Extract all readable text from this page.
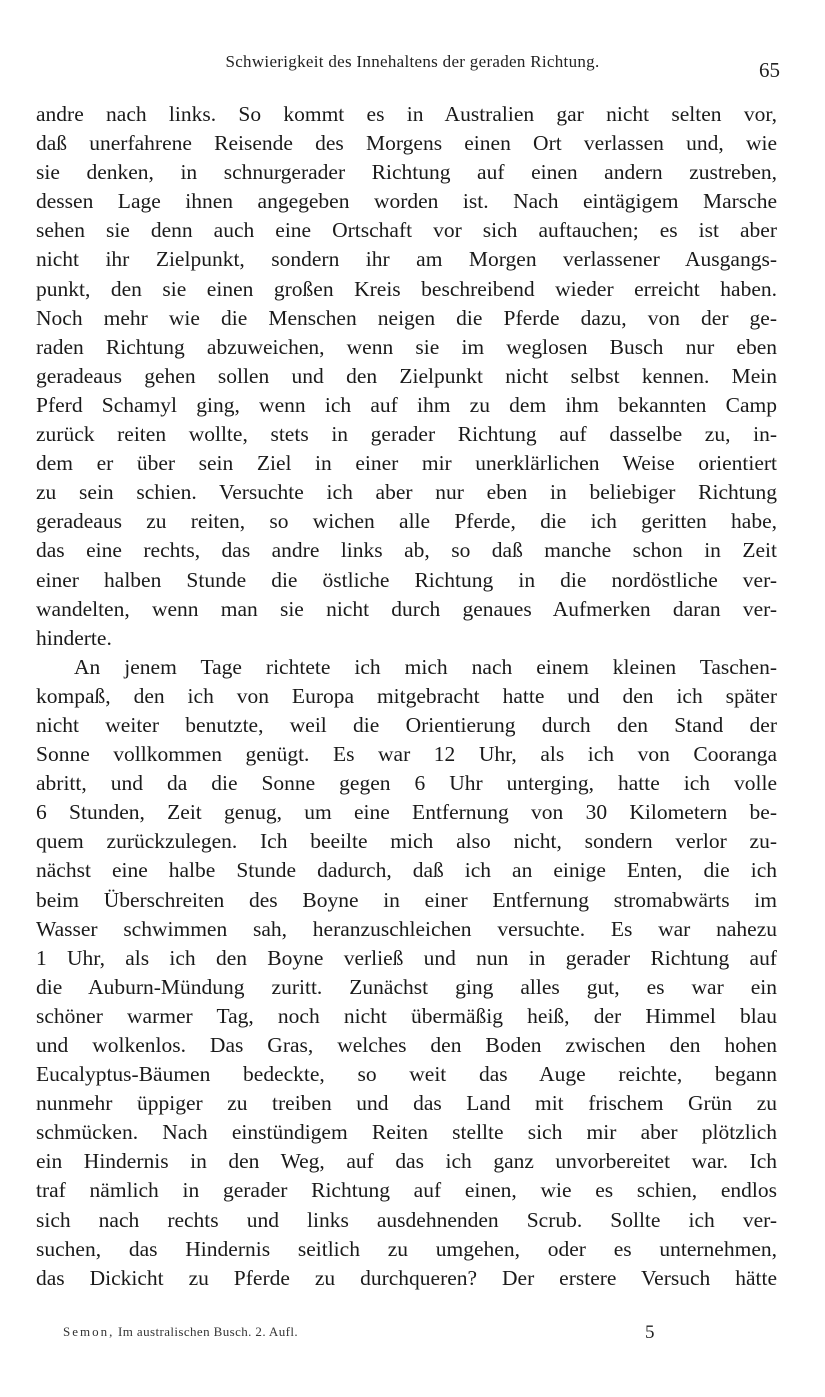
Schwierigkeit des Innehaltens der geraden Richtung.	65
andre nach links. So kommt es in Australien gar nicht selten vor,
daß unerfahrene Reisende des Morgens einen Ort verlassen und, wie
sie denken, in schnurgerader Richtung auf einen andern zustreben,
dessen Lage ihnen angegeben worden ist. Nach eintägigem Marsche
sehen sie denn auch eine Ortschaft vor sich auftauchen; es ist aber
nicht ihr Zielpunkt, sondern ihr am Morgen verlassener Ausgangs-
punkt, den sie einen großen Kreis beschreibend wieder erreicht haben.
Noch mehr wie die Menschen neigen die Pferde dazu, von der ge-
raden Richtung abzuweichen, wenn sie im weglosen Busch nur eben
geradeaus gehen sollen und den Zielpunkt nicht selbst kennen. Mein
Pferd Schamyl ging, wenn ich auf ihm zu dem ihm bekannten Camp
zurück reiten wollte, stets in gerader Richtung auf dasselbe zu, in-
dem er über sein Ziel in einer mir unerklärlichen Weise orientiert
zu sein schien. Versuchte ich aber nur eben in beliebiger Richtung
geradeaus zu reiten, so wichen alle Pferde, die ich geritten habe,
das eine rechts, das andre links ab, so daß manche schon in Zeit
einer halben Stunde die östliche Richtung in die nordöstliche ver-
wandelten, wenn man sie nicht durch genaues Aufmerken daran ver-
hinderte.
An jenem Tage richtete ich mich nach einem kleinen Taschen-
kompaß, den ich von Europa mitgebracht hatte und den ich später
nicht weiter benutzte, weil die Orientierung durch den Stand der
Sonne vollkommen genügt. Es war 12 Uhr, als ich von Cooranga
abritt, und da die Sonne gegen 6 Uhr unterging, hatte ich volle
6 Stunden, Zeit genug, um eine Entfernung von 30 Kilometern be-
quem zurückzulegen. Ich beeilte mich also nicht, sondern verlor zu-
nächst eine halbe Stunde dadurch, daß ich an einige Enten, die ich
beim Überschreiten des Boyne in einer Entfernung stromabwärts im
Wasser schwimmen sah, heranzuschleichen versuchte. Es war nahezu
1 Uhr, als ich den Boyne verließ und nun in gerader Richtung auf
die Auburn-Mündung zuritt. Zunächst ging alles gut, es war ein
schöner warmer Tag, noch nicht übermäßig heiß, der Himmel blau
und wolkenlos. Das Gras, welches den Boden zwischen den hohen
Eucalyptus-Bäumen bedeckte, so weit das Auge reichte, begann
nunmehr üppiger zu treiben und das Land mit frischem Grün zu
schmücken. Nach einstündigem Reiten stellte sich mir aber plötzlich
ein Hindernis in den Weg, auf das ich ganz unvorbereitet war. Ich
traf nämlich in gerader Richtung auf einen, wie es schien, endlos
sich nach rechts und links ausdehnenden Scrub. Sollte ich ver-
suchen, das Hindernis seitlich zu umgehen, oder es unternehmen,
das Dickicht zu Pferde zu durchqueren? Der erstere Versuch hätte
Semon, Im australischen Busch. 2. Aufl.	5
